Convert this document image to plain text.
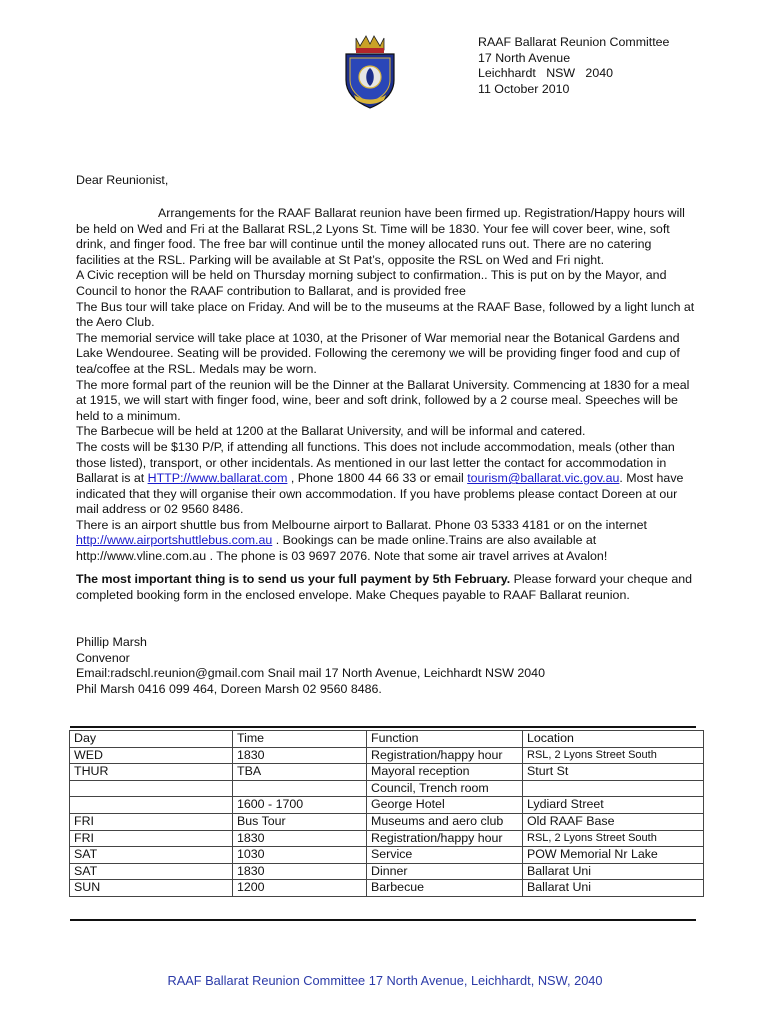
RAAF Ballarat Reunion Committee
17 North Avenue
Leichhardt   NSW   2040
11 October 2010
Dear Reunionist,

Arrangements for the RAAF Ballarat reunion have been firmed up. Registration/Happy hours will be held on Wed and Fri at the Ballarat RSL,2 Lyons St. Time will be 1830. Your fee will cover beer, wine, soft drink, and finger food. The free bar will continue until the money allocated runs out. There are no catering facilities at the RSL. Parking will be available at St Pat’s, opposite the RSL on Wed and Fri night.

A Civic reception will be held on Thursday morning subject to confirmation.. This is put on by the Mayor, and Council to honor the RAAF contribution to Ballarat, and is provided free

The Bus tour will take place on Friday. And will be to the museums at the RAAF Base, followed by a light lunch at the Aero Club.

The memorial service will take place at 1030, at the Prisoner of War memorial near the Botanical Gardens and Lake Wendouree. Seating will be provided. Following the ceremony we will be providing finger food and cup of tea/coffee at the RSL. Medals may be worn.

The more formal part of the reunion will be the Dinner at the Ballarat University. Commencing at 1830 for a meal at 1915, we will start with finger food, wine, beer and soft drink, followed by a 2 course meal. Speeches will be held to a minimum.

The Barbecue will be held at 1200 at the Ballarat University, and will be informal and catered.

The costs will be $130 P/P, if attending all functions. This does not include accommodation, meals (other than those listed), transport, or other incidentals. As mentioned in our last letter the contact for accommodation in Ballarat is at HTTP://www.ballarat.com , Phone 1800 44 66 33 or email tourism@ballarat.vic.gov.au. Most have indicated that they will organise their own accommodation. If you have problems please contact Doreen at our mail address or 02 9560 8486.

There is an airport shuttle bus from Melbourne airport to Ballarat. Phone 03 5333 4181 or on the internet http://www.airportshuttlebus.com.au . Bookings can be made online.Trains are also available at http://www.vline.com.au . The phone is 03 9697 2076. Note that some air travel arrives at Avalon!

The most important thing is to send us your full payment by 5th February. Please forward your cheque and completed booking form in the enclosed envelope. Make Cheques payable to RAAF Ballarat reunion.
Phillip Marsh
Convenor
Email:radschl.reunion@gmail.com Snail mail 17 North Avenue, Leichhardt NSW 2040
Phil Marsh 0416 099 464, Doreen Marsh 02 9560 8486.
Day	Time	Function	Location
WED	1830	Registration/happy hour	RSL, 2 Lyons Street South
THUR	TBA	Mayoral reception	Sturt St
		Council, Trench room	
	1600 - 1700	George Hotel	Lydiard Street
FRI	Bus Tour	Museums and aero club	Old RAAF Base
FRI	1830	Registration/happy hour	RSL, 2 Lyons Street South
SAT	1030	Service	POW Memorial Nr Lake
SAT	1830	Dinner	Ballarat Uni
SUN	1200	Barbecue	Ballarat Uni
RAAF Ballarat Reunion Committee 17 North Avenue, Leichhardt, NSW, 2040
